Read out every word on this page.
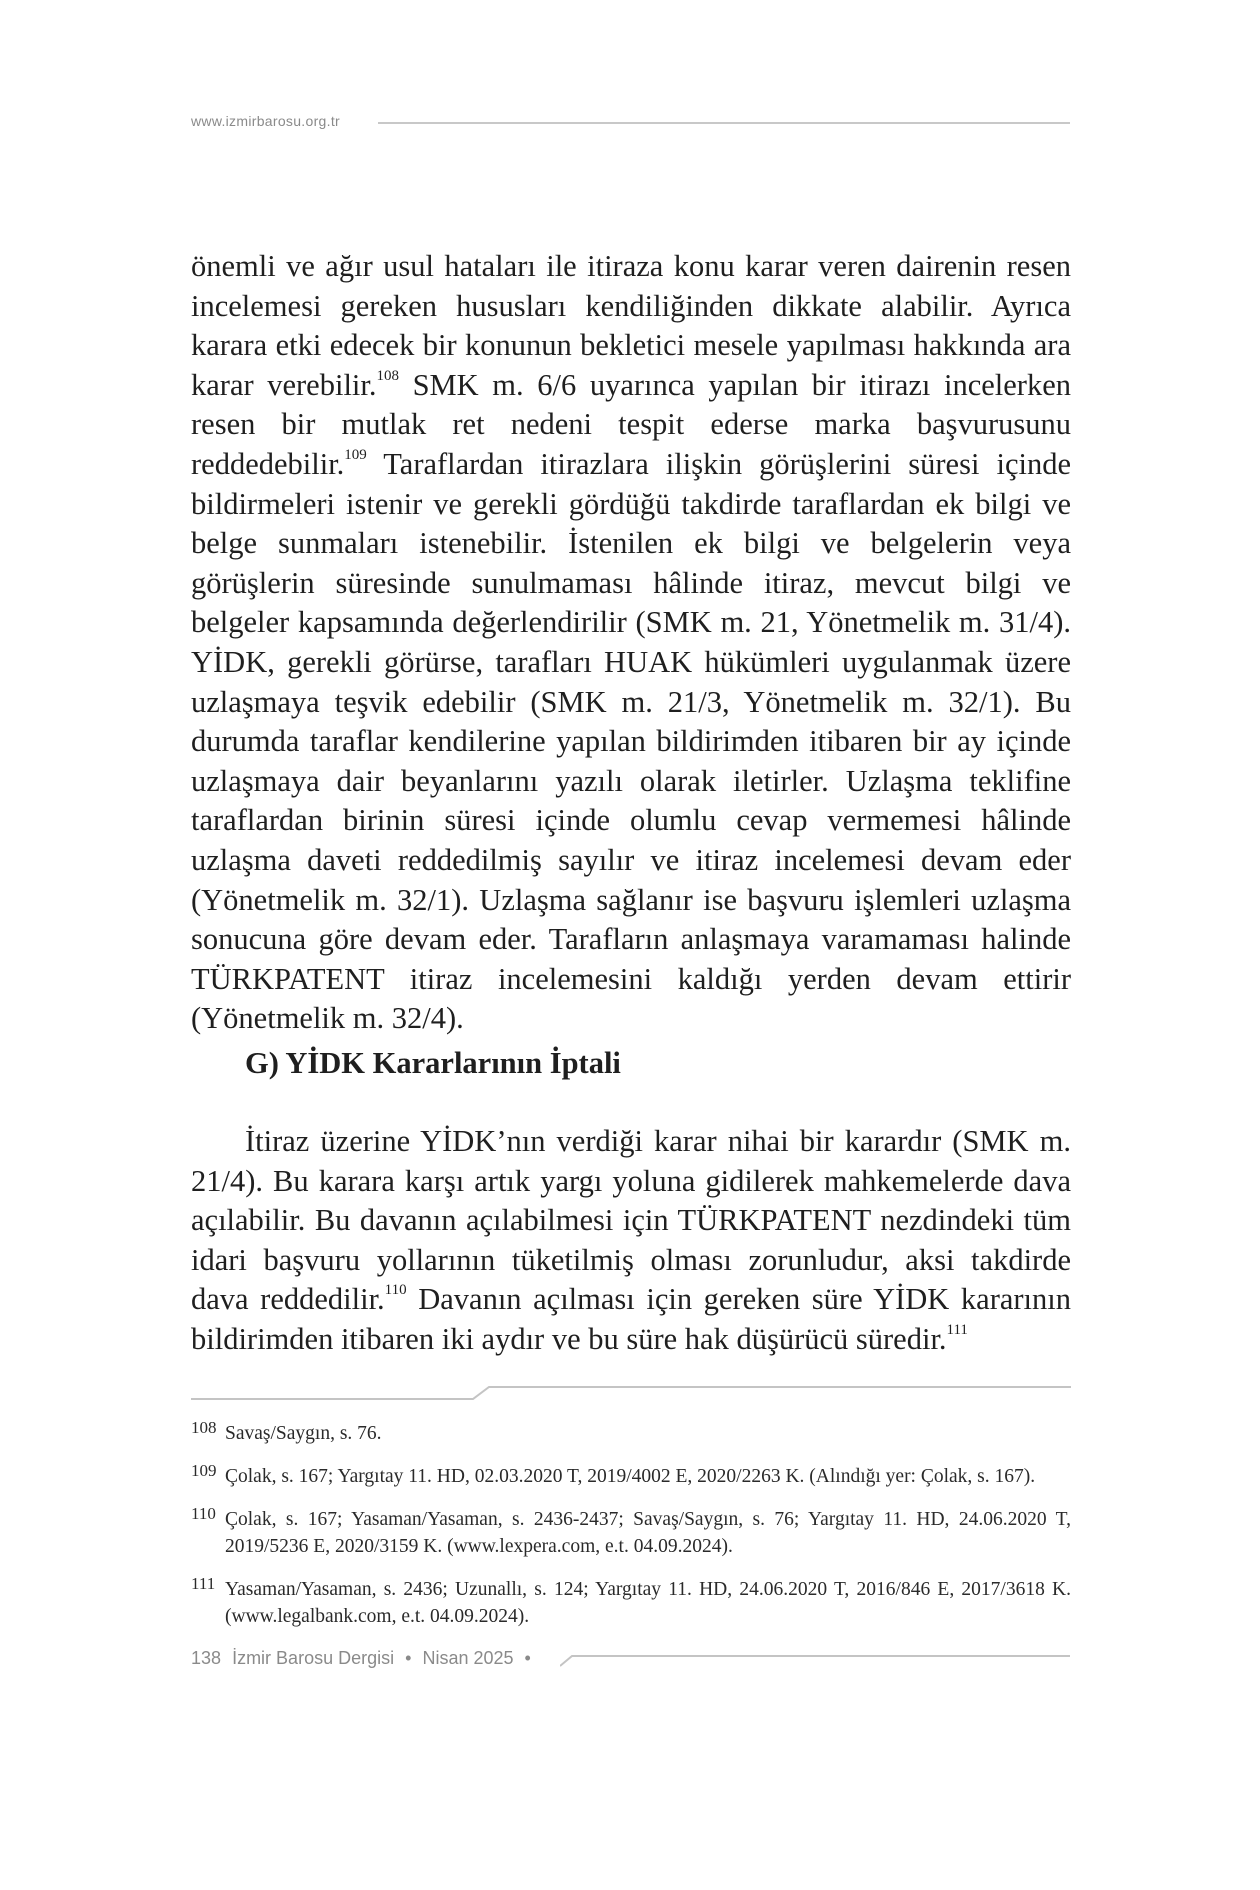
www.izmirbarosu.org.tr

önemli ve ağır usul hataları ile itiraza konu karar veren dairenin resen incelemesi gereken hususları kendiliğinden dikkate alabilir. Ayrıca karara etki edecek bir konunun bekletici mesele yapılması hakkında ara karar verebilir.$^{108}$ SMK m. 6/6 uyarınca yapılan bir itirazı incelerken resen bir mutlak ret nedeni tespit ederse marka başvurusunu reddedebilir.$^{109}$ Taraflardan itirazlara ilişkin görüşlerini süresi içinde bildirmeleri istenir ve gerekli gördüğü takdirde taraflardan ek bilgi ve belge sunmaları istenebilir. İstenilen ek bilgi ve belgelerin veya görüşlerin süresinde sunulmaması hâlinde itiraz, mevcut bilgi ve belgeler kapsamında değerlendirilir (SMK m. 21, Yönetmelik m. 31/4). YİDK, gerekli görürse, tarafları HUAK hükümleri uygulanmak üzere uzlaşmaya teşvik edebilir (SMK m. 21/3, Yönetmelik m. 32/1). Bu durumda taraflar kendilerine yapılan bildirimden itibaren bir ay içinde uzlaşmaya dair beyanlarını yazılı olarak iletirler. Uzlaşma teklifine taraflardan birinin süresi içinde olumlu cevap vermemesi hâlinde uzlaşma daveti reddedilmiş sayılır ve itiraz incelemesi devam eder (Yönetmelik m. 32/1). Uzlaşma sağlanır ise başvuru işlemleri uzlaşma sonucuna göre devam eder. Tarafların anlaşmaya varamaması halinde TÜRKPATENT itiraz incelemesini kaldığı yerden devam ettirir (Yönetmelik m. 32/4).

G) YİDK Kararlarının İptali

İtiraz üzerine YİDK’nın verdiği karar nihai bir karardır (SMK m. 21/4). Bu karara karşı artık yargı yoluna gidilerek mahkemelerde dava açılabilir. Bu davanın açılabilmesi için TÜRKPATENT nezdindeki tüm idari başvuru yollarının tüketilmiş olması zorunludur, aksi takdirde dava reddedilir.$^{110}$ Davanın açılması için gereken süre YİDK kararının bildirimden itibaren iki aydır ve bu süre hak düşürücü süredir.$^{111}$

108 Savaş/Saygın, s. 76.
109 Çolak, s. 167; Yargıtay 11. HD, 02.03.2020 T, 2019/4002 E, 2020/2263 K. (Alındığı yer: Çolak, s. 167).
110 Çolak, s. 167; Yasaman/Yasaman, s. 2436-2437; Savaş/Saygın, s. 76; Yargıtay 11. HD, 24.06.2020 T, 2019/5236 E, 2020/3159 K. (www.lexpera.com, e.t. 04.09.2024).
111 Yasaman/Yasaman, s. 2436; Uzunallı, s. 124; Yargıtay 11. HD, 24.06.2020 T, 2016/846 E, 2017/3618 K. (www.legalbank.com, e.t. 04.09.2024).
138 İzmir Barosu Dergisi • Nisan 2025 •
